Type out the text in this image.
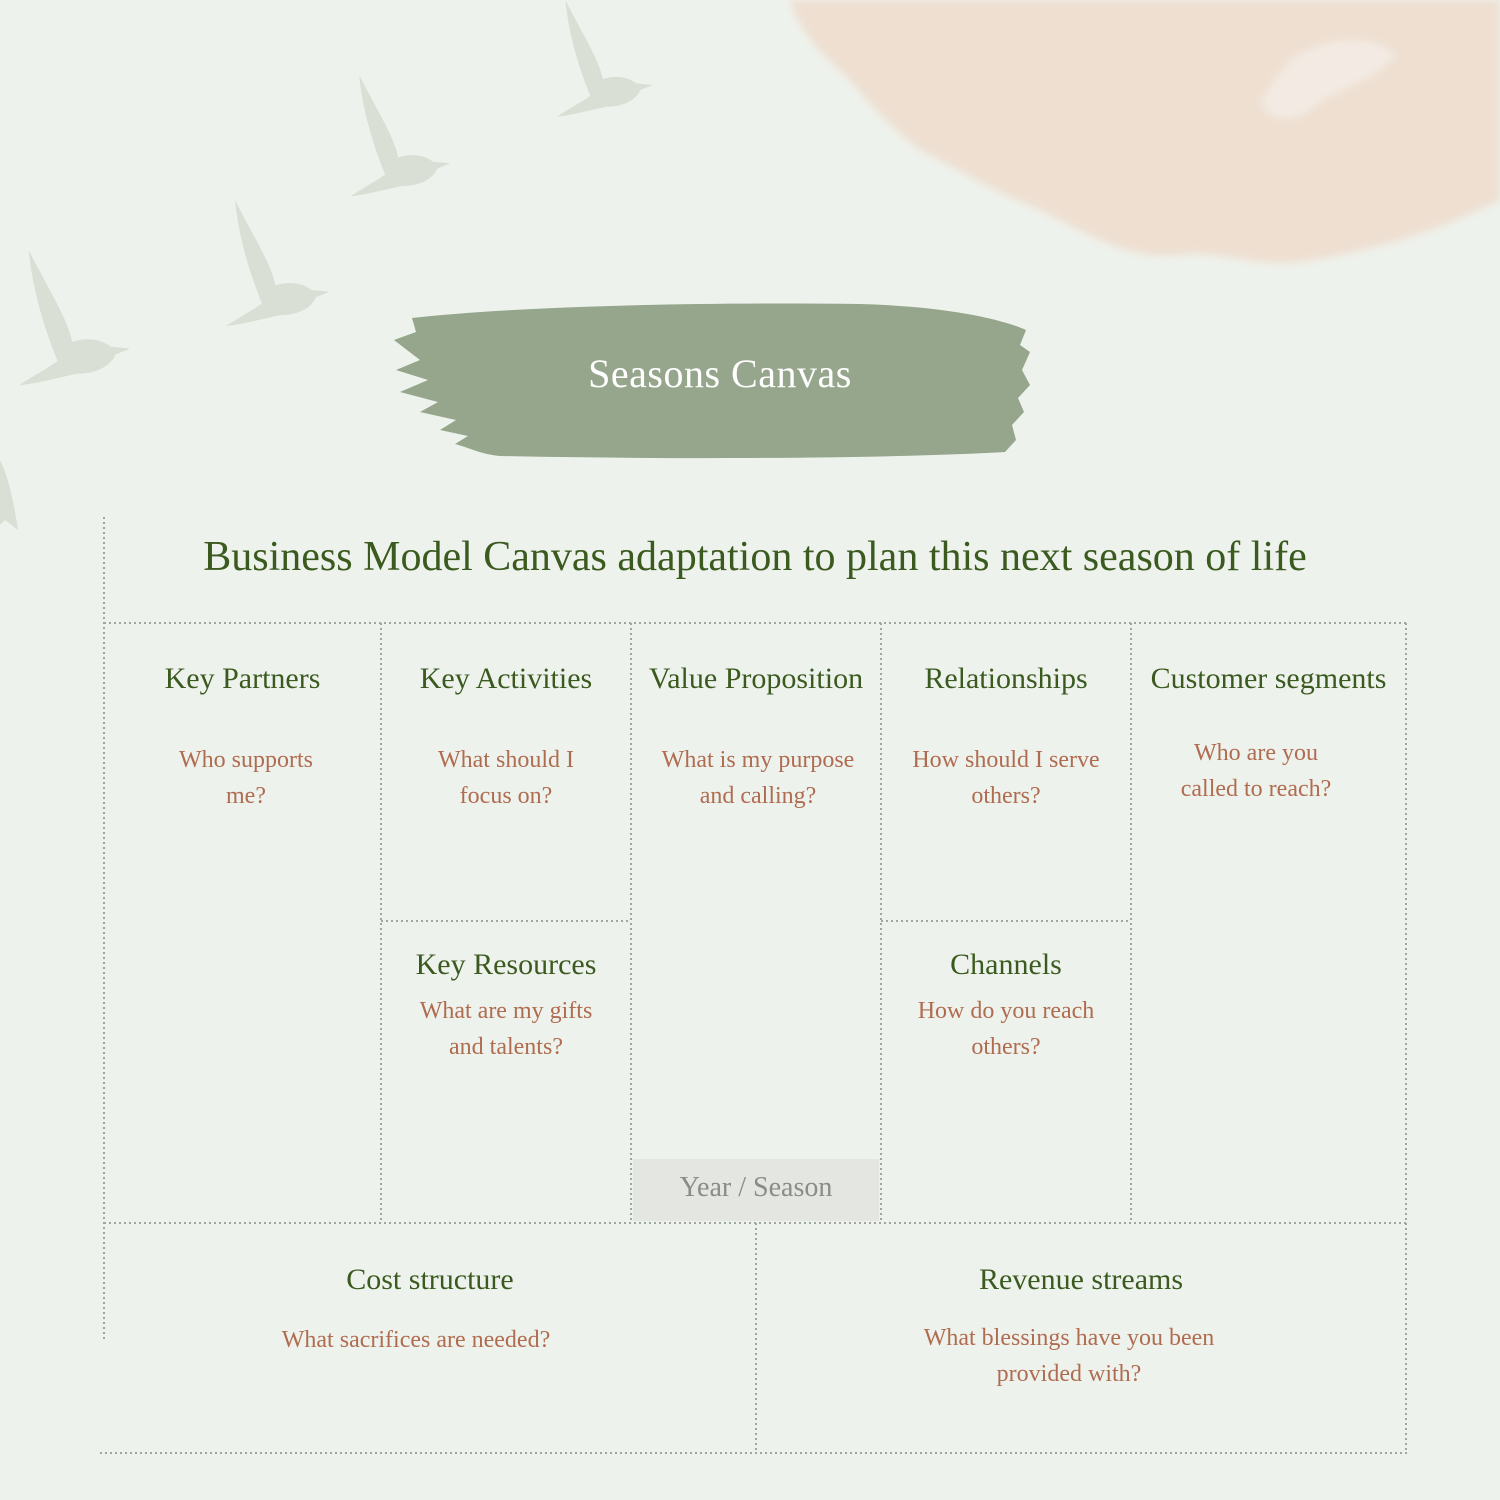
Seasons Canvas
Business Model Canvas adaptation to plan this next season of life
Key Partners
Who supports
me?
Key Activities
What should I
focus on?
Value Proposition
What is my purpose
and calling?
Relationships
How should I serve
others?
Customer segments
Who are you
called to reach?
Key Resources
What are my gifts
and talents?
Channels
How do you reach
others?
Year / Season
Cost structure
What sacrifices are needed?
Revenue streams
What blessings have you been
provided with?
